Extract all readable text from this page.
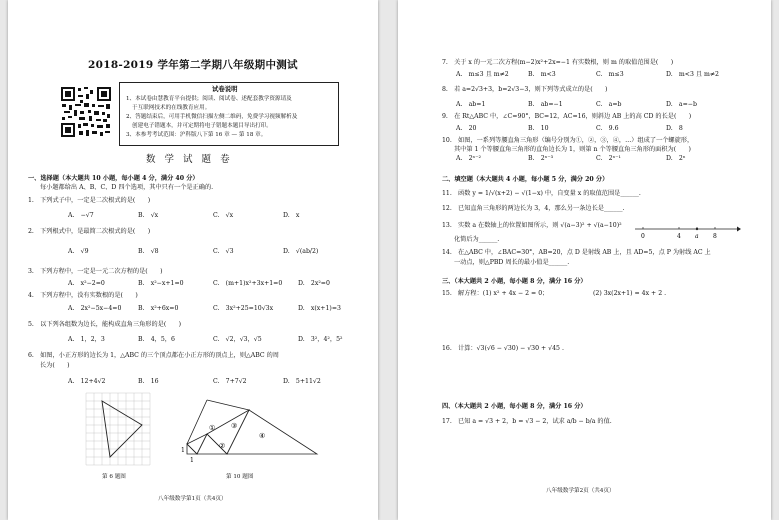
2018-2019 学年第二学期八年级期中测试
试卷说明
1、本试卷由慧教育平台提供；阅读、阅试卷、述配套教学资源请及
于互联网技术的在线教育应用。
2、答题结束后，可用手机微信扫描左侧二维码，免费学习视频解析及
创建电子错题本，并可定期将电子错题本题目导出打印。
3、本参考考试范围：沪科版八下第 16 章 — 第 18 章。
数 学 试 题 卷
一、选择题（本大题共 10 小题，每小题 4 分，满分 40 分）
每小题都给出 A、B、C、D 四个选项，其中只有一个是正确的.
1.　下列式子中，一定是二次根式的是(　　)
A.　−√7	B.　√x	C.　√x	D.　x
2.　下列根式中，是最简二次根式的是(　　)
A.　√9	B.　√8	C.　√3	D.　√(ab/2)
3.　下列方程中，一定是一元二次方程的是(　　)
A.　x²−2=0	B.　x²−x+1=0	C.　(m+1)x²+3x+1=0	D.　2x²=0
4.　下列方程中，没有实数根的是(　　)
A.　2x²−5x−4=0	B.　x²+6x=0	C.　3x²+25=10√3x	D.　x(x+1)=3
5.　以下列各组数为边长，能构成直角三角形的是(　　)
A.　1，2，3	B.　4，5，6	C.　√2，√3，√5	D.　3²，4²，5²
6.　如图，小正方形的边长为 1，△ABC 的三个顶点都在小正方形的顶点上，则△ABC 的周
长为(　　)
A.　12+4√2	B.　16	C.　7+7√2	D.　5+11√2
第 6 题图
①
②
③
④
1
1
第 10 题图
八年级数学第1页（共4页）
7.　关于 x 的一元二次方程(m−2)x²+2x=−1 有实数根，则 m 的取值范围是(　　)
A.　m≤3 且 m≠2	B.　m<3	C.　m≤3	D.　m<3 且 m≠2
8.　若 a=2√3+3，b=2√3−3，则下列等式成立的是(　　)
A.　ab=1	B.　ab=−1	C.　a=b	D.　a=−b
9.　在 Rt△ABC 中，∠C=90°，BC=12，AC=16，则斜边 AB 上的高 CD 的长是(　　)
A.　20	B.　10	C.　9.6	D.　8
10.　如图，一系列等腰直角三角形（编号分别为①，②，③，④，…）组成了一个螺旋形，
其中第 1 个等腰直角三角形的直角边长为 1，则第 n 个等腰直角三角形的面积为(　　)
A.　2ⁿ⁻²	B.　2ⁿ⁻³	C.　2ⁿ⁻¹	D.　2ⁿ
二、填空题（本大题共 4 小题，每小题 5 分，满分 20 分）
11.　函数 y = 1/√(x+2) − √(1−x) 中，自变量 x 的取值范围是______.
12.　已知直角三角形的两边长为 3，4，那么另一条边长是______.
13.　实数 a 在数轴上的位置如图所示，则 √(a−3)² + √(a−10)²
化简后为______.	0	4 a 8
14.　在△ABC 中，∠BAC=30°，AB=20，点 D 是射线 AB 上，且 AD=5，点 P 为射线 AC 上
一动点，则△PBD 周长的最小值是______.
三、（本大题共 2 小题，每小题 8 分，满分 16 分）
15.　解方程：(1) x² + 4x − 2 = 0；	(2) 3x(2x+1) = 4x + 2 .
16.　计算：√3(√6 − √30) − √30 + √45 .
四、（本大题共 2 小题，每小题 8 分，满分 16 分）
17.　已知 a = √3 + 2，b = √3 − 2，试求 a/b − b/a 的值.
八年级数学第2页（共4页）
